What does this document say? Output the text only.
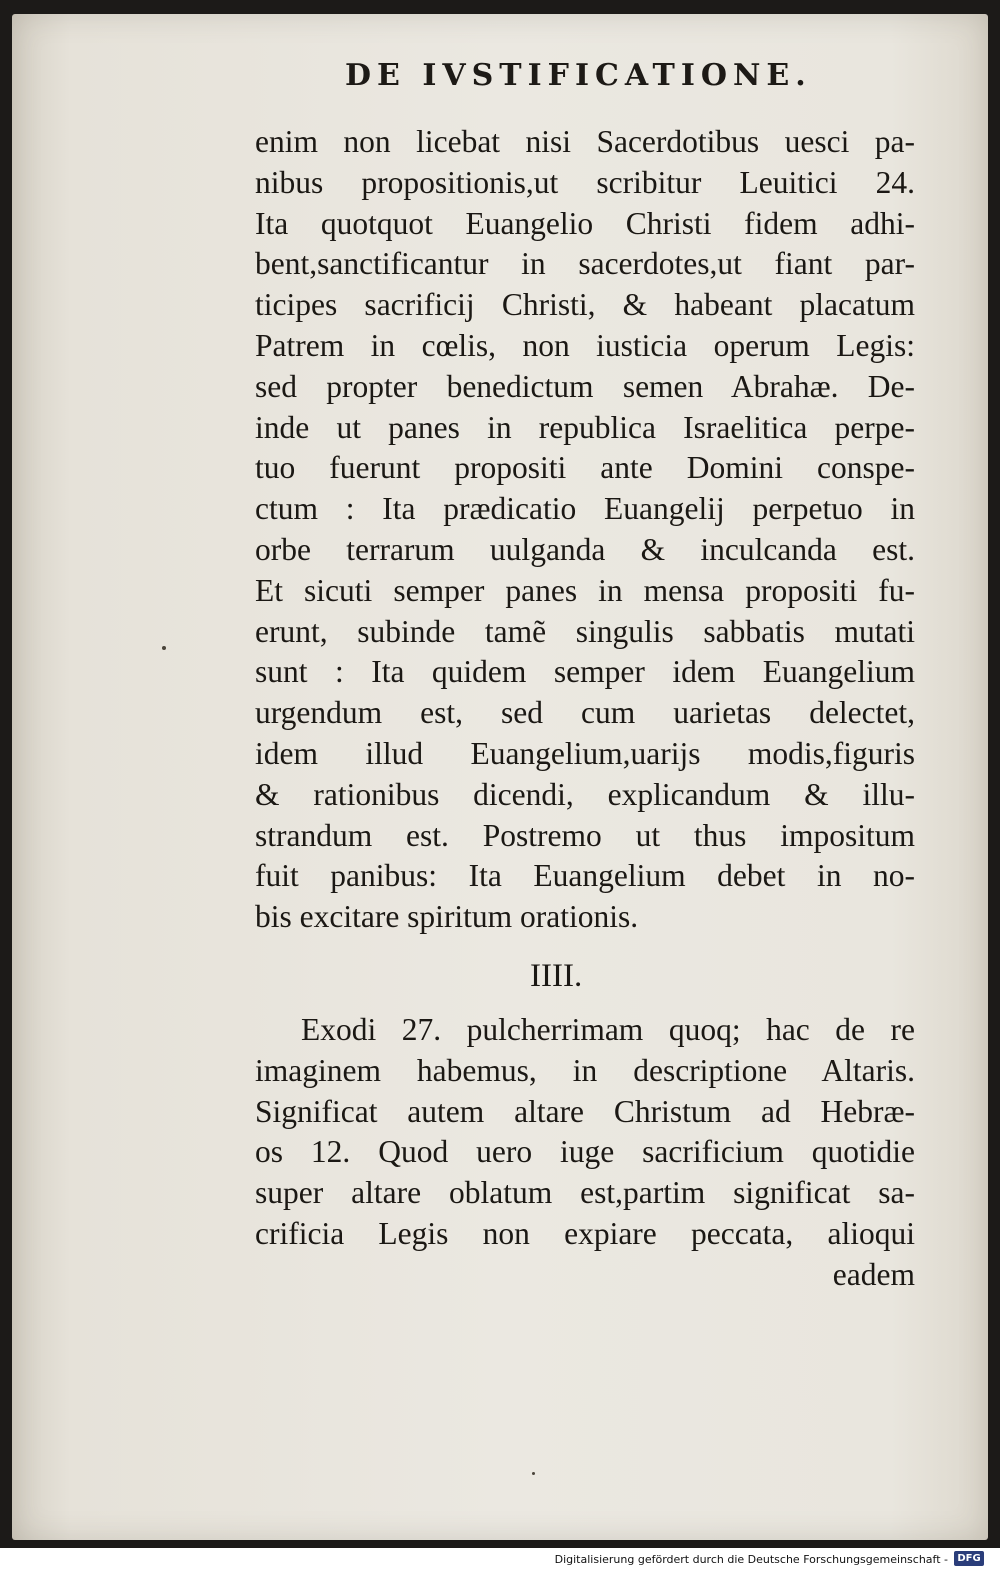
DE IVSTIFICATIONE.
enim non licebat nisi Sacerdotibus uesci pa-
nibus propositionis,ut scribitur Leuitici 24.
Ita quotquot Euangelio Christi fidem adhi-
bent,sanctificantur in sacerdotes,ut fiant par-
ticipes sacrificij Christi, & habeant placatum
Patrem in cœlis, non iusticia operum Legis:
sed propter benedictum semen Abrahæ. De-
inde ut panes in republica Israelitica perpe-
tuo fuerunt propositi ante Domini conspe-
ctum : Ita prædicatio Euangelij perpetuo in
orbe terrarum uulganda & inculcanda est.
Et sicuti semper panes in mensa propositi fu-
erunt, subinde tamẽ singulis sabbatis mutati
sunt : Ita quidem semper idem Euangelium
urgendum est, sed cum uarietas delectet,
idem illud Euangelium,uarijs modis,figuris
& rationibus dicendi, explicandum & illu-
strandum est. Postremo ut thus impositum
fuit panibus: Ita Euangelium debet in no-
bis excitare spiritum orationis.
IIII.
Exodi 27. pulcherrimam quoq; hac de re
imaginem habemus, in descriptione Altaris.
Significat autem altare Christum ad Hebræ-
os 12. Quod uero iuge sacrificium quotidie
super altare oblatum est,partim significat sa-
crificia Legis non expiare peccata, alioqui
eadem
Digitalisierung gefördert durch die Deutsche Forschungsgemeinschaft - DFG
